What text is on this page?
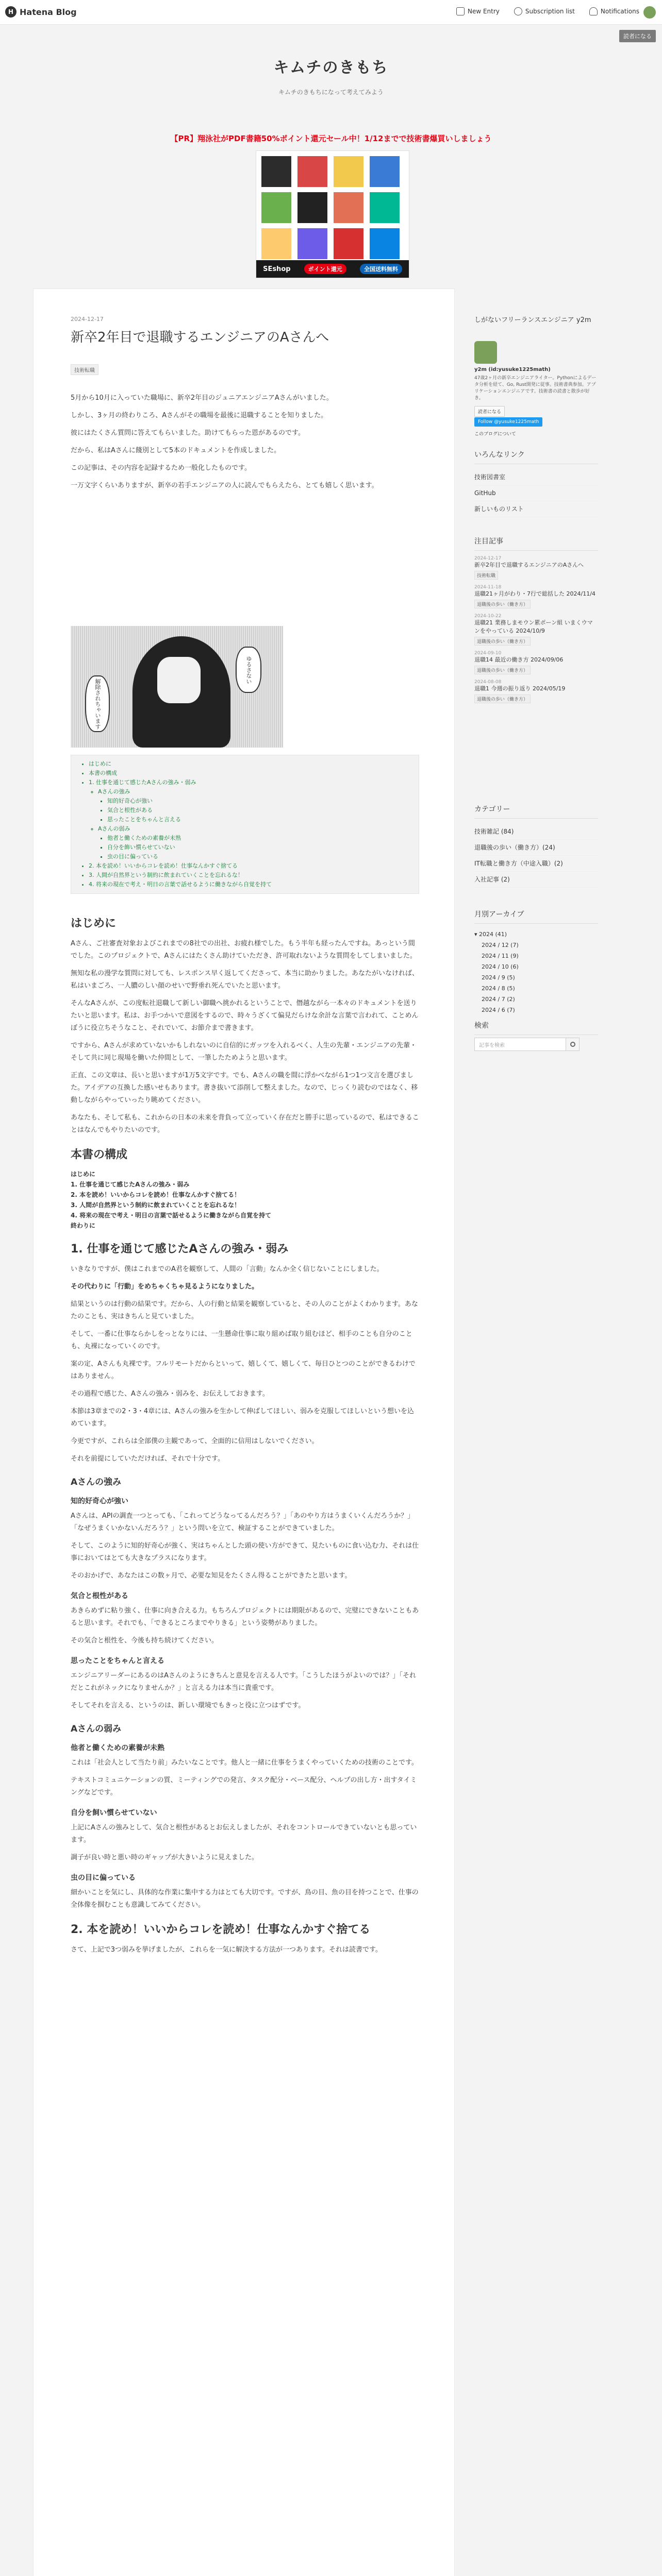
H Hatena Blog	New Entry	Subscription list	Notifications
読者になる
キムチのきもち
キムチのきもちになって考えてみよう
【PR】翔泳社がPDF書籍50%ポイント還元セール中！1/12までで技術書爆買いしましょう
SEshop	ポイント還元	全国送料無料
2024-12-17
新卒2年目で退職するエンジニアのAさんへ
技術転職

5月から10月に入っていた職場に、新卒2年目のジュニアエンジニアAさんがいました。

しかし、3ヶ月の終わりころ、Aさんがその職場を最後に退職することを知りました。

彼にはたくさん質問に答えてもらいました。助けてもらった恩があるのです。

だから、私はAさんに餞別として5本のドキュメントを作成しました。

この記事は、その内容を記録するため一般化したものです。

一万文字くらいありますが、新卒の若手エンジニアの人に読んでもらえたら、とても嬉しく思います。

解除されちゃいます
ゆるさない
• はじめに
• 本書の構成
• 1. 仕事を通じて感じたAさんの強み・弱み
◦ Aさんの強み
▪ 知的好奇心が強い
▪ 気合と根性がある
▪ 思ったことをちゃんと言える
◦ Aさんの弱み
▪ 他者と働くための素養が未熟
▪ 自分を飾い慣らせていない
▪ 虫の目に偏っている
• 2. 本を読め！いいからコレを読め！仕事なんかすぐ捨てる
• 3. 人間が自然界という制約に飲まれていくことを忘れるな！
• 4. 将来の現在で考え・明日の言葉で話せるように働きながら自覚を持て
はじめに

Aさん、ご社審査対象およびこれまでの8社での出社、お疲れ様でした。もう半年も経ったんですね。あっという間でした。このプロジェクトで、Aさんにはたくさん助けていただき、許可取れないような質問をしてしまいました。

無知な私の漫学な質問に対しても、レスポンス早く返してくださって、本当に助かりました。あなたがいなければ、私はいまごろ、一人膿のしい顔のせいで野垂れ死んでいたと思います。

そんなAさんが、この度転社退職して新しい御職へ挑かれるということで、僭越ながら一本々のドキュメントを送りたいと思います。私は、お手つかいで意図をするので、時々うざくて偏見だらけな余計な言葉で言われて、ことめんぼうに役立ちそうなこと、それでいて、お節介まで書きます。

ですから、Aさんが求めていないかもしれないのに自信的にガッツを入れるべく、人生の先輩・エンジニアの先輩・そして共に同じ現場を働いた仲間として、一筆したためようと思います。

正直、この文章は、長いと思いますが1万5文字です。でも、Aさんの職を間に浮かべながら1つ1つ文言を選びました。アイデアの互換した感いせもあります。書き抜いて添削して整えました。なので、じっくり読むのではなく、移動しながらやっていったり眺めてください。

あなたも、そして私も、これからの日本の未来を背負って立っていく存在だと勝手に思っているので、私はできることはなんでもやりたいのです。

本書の構成
はじめに
1. 仕事を通じて感じたAさんの強み・弱み
2. 本を読め！いいからコレを読め！仕事なんかすぐ捨てる！
3. 人間が自然界という制約に飲まれていくことを忘れるな！
4. 将来の現在で考え・明日の言葉で話せるように働きながら自覚を持て
終わりに
1. 仕事を通じて感じたAさんの強み・弱み

いきなりですが、僕はこれまでのA君を観察して、人間の「言動」なんか全く信じないことにしました。

その代わりに「行動」をめちゃくちゃ見るようになりました。

結果というのは行動の結果です。だから、人の行動と結果を観察していると、その人のことがよくわかります。あなたのことも、実はきちんと見ていました。

そして、一番に仕事ならかしをっとなりには、一生懸命仕事に取り組めば取り組むほど、相手のことも自分のことも、丸裸になっていくのです。

案の定、Aさんも丸裸です。フルリモートだからといって、嬉しくて、嬉しくて、毎日ひとつのことができるわけではありません。

その過程で感じた、Aさんの強み・弱みを、お伝えしておきます。

本節は3章までの2・3・4章には、Aさんの強みを生かして伸ばしてほしい、弱みを克服してほしいという想いを込めています。

今更ですが、これらは全部僕の主観であって、全面的に信用はしないでください。

それを前提にしていただければ、それで十分です。

Aさんの強み
知的好奇心が強い

Aさんは、APIの調査一つとっても、「これってどうなってるんだろう？」「あのやり方はうまくいくんだろうか？」「なぜうまくいかないんだろう？」という問いを立て、検証することができていました。

そして、このように知的好奇心が強く、実はちゃんとした頭の使い方ができて、見たいものに食い込む力、それは仕事においてはとても大きなプラスになります。

そのおかげで、あなたはこの数ヶ月で、必要な知見をたくさん得ることができたと思います。

気合と根性がある

あきらめずに粘り強く、仕事に向き合える力。もちろんプロジェクトには期限があるので、完璧にできないこともあると思います。それでも、「できるところまでやりきる」という姿勢がありました。

その気合と根性を、今後も持ち続けてください。

思ったことをちゃんと言える

エンジニアリーダーにあるのはAさんのようにきちんと意見を言える人です。「こうしたほうがよいのでは？」「それだとこれがネックになりませんか？」と言える力は本当に貴重です。

そしてそれを言える、というのは、新しい環境でもきっと役に立つはずです。

Aさんの弱み
他者と働くための素養が未熟

これは「社会人として当たり前」みたいなことです。他人と一緒に仕事をうまくやっていくための技術のことです。

テキストコミュニケーションの質、ミーティングでの発言、タスク配分・ベース配分、ヘルプの出し方・出すタイミングなどです。

自分を飼い慣らせていない

上記にAさんの強みとして、気合と根性があるとお伝えしましたが、それをコントロールできていないとも思っています。

調子が良い時と悪い時のギャップが大きいように見えました。

虫の目に偏っている

細かいことを気にし、具体的な作業に集中する力はとても大切です。ですが、鳥の目、魚の目を持つことで、仕事の全体像を掴むことも意識してみてください。

2. 本を読め！いいからコレを読め！仕事なんかすぐ捨てる

さて、上記で3つ弱みを挙げましたが、これらを一気に解決する方法が一つあります。それは読書です。

しがないフリーランスエンジニア y2m
y2m (id:yusuke1225math)
47歳2ヶ月の新卒エンジニアライター。Pythonによるデータ分析を経て、Go, Rust開発に従事。技術書典参加。アプリケーションエンジニアです。技術書の読書と散歩が好き。
読者になる
Follow @yusuke1225math
このブログについて
いろんなリンク
技術図書室
GitHub
新しいものリスト
注目記事
2024-12-17
新卒2年目で退職するエンジニアのAさんへ
技術転職
2024-11-18
退職21ヶ月がわり・7行で総括した 2024/11/4
退職後の歩い（働き方）
2024-10-22
退職21 業務しまモウン累ポーン組 いまくウマンをやっている 2024/10/9
退職後の歩い（働き方）
2024-09-10
退職14 最近の働き方 2024/09/06
退職後の歩い（働き方）
2024-08-08
退職1 今週の振り返り 2024/05/19
退職後の歩い（働き方）
カテゴリー
技術雑記 (84)
退職後の歩い（働き方）(24)
IT転職と働き方（中途入職）(2)
入社記事 (2)
月別アーカイブ
▾ 2024 (41)
2024 / 12 (7)
2024 / 11 (9)
2024 / 10 (6)
2024 / 9 (5)
2024 / 8 (5)
2024 / 7 (2)
2024 / 6 (7)
検索
記事を検索
